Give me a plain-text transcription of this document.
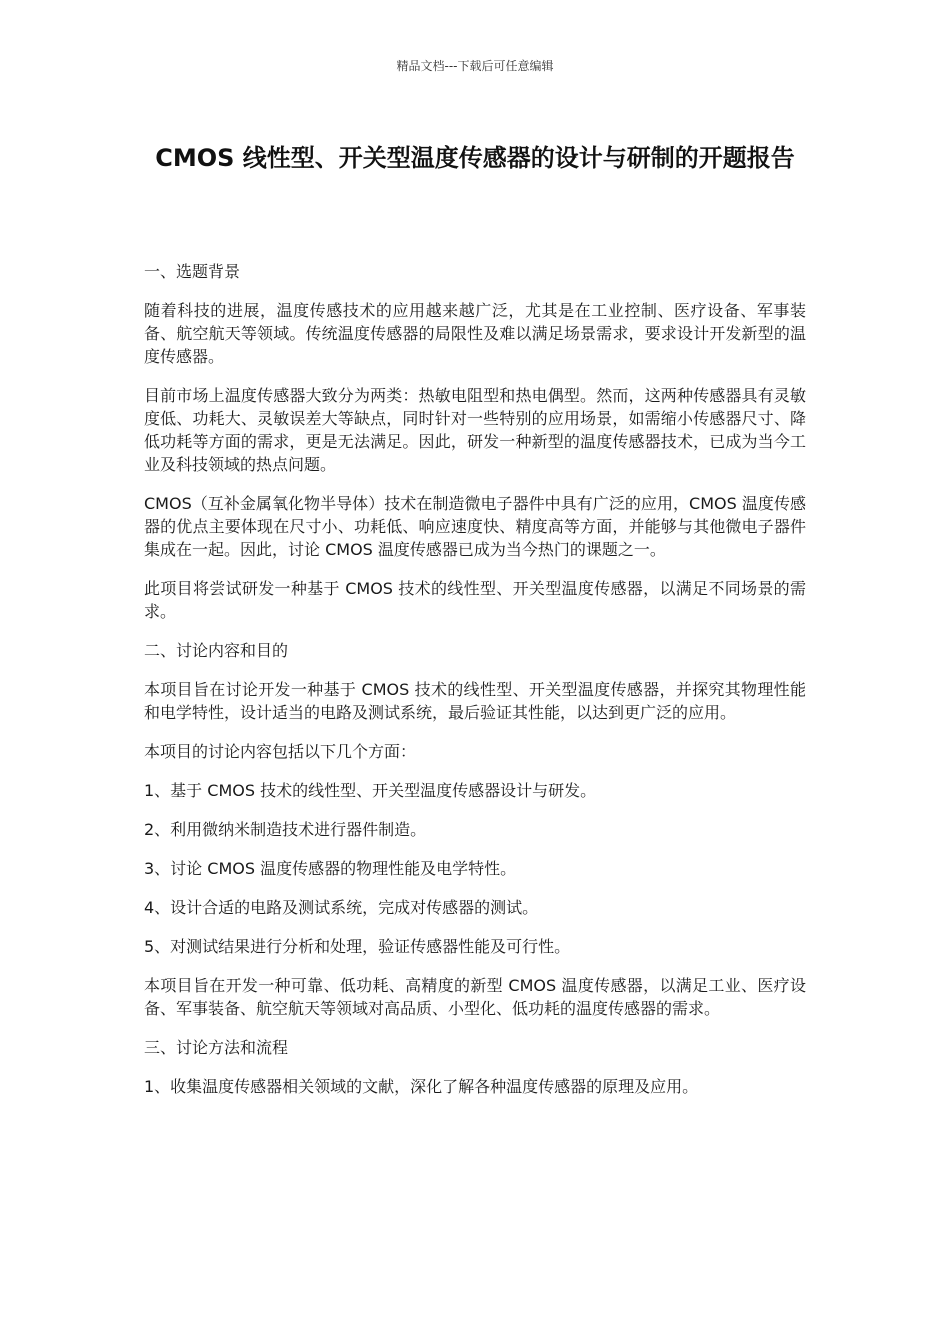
精品文档---下载后可任意编辑
CMOS 线性型、开关型温度传感器的设计与研制的开题报告

一、选题背景

随着科技的进展，温度传感技术的应用越来越广泛，尤其是在工业控制、医疗设备、军事装备、航空航天等领域。传统温度传感器的局限性及难以满足场景需求，要求设计开发新型的温度传感器。

目前市场上温度传感器大致分为两类：热敏电阻型和热电偶型。然而，这两种传感器具有灵敏度低、功耗大、灵敏误差大等缺点，同时针对一些特别的应用场景，如需缩小传感器尺寸、降低功耗等方面的需求，更是无法满足。因此，研发一种新型的温度传感器技术，已成为当今工业及科技领域的热点问题。

CMOS（互补金属氧化物半导体）技术在制造微电子器件中具有广泛的应用，CMOS 温度传感器的优点主要体现在尺寸小、功耗低、响应速度快、精度高等方面，并能够与其他微电子器件集成在一起。因此，讨论 CMOS 温度传感器已成为当今热门的课题之一。

此项目将尝试研发一种基于 CMOS 技术的线性型、开关型温度传感器，以满足不同场景的需求。

二、讨论内容和目的

本项目旨在讨论开发一种基于 CMOS 技术的线性型、开关型温度传感器，并探究其物理性能和电学特性，设计适当的电路及测试系统，最后验证其性能，以达到更广泛的应用。

本项目的讨论内容包括以下几个方面：

1、基于 CMOS 技术的线性型、开关型温度传感器设计与研发。

2、利用微纳米制造技术进行器件制造。

3、讨论 CMOS 温度传感器的物理性能及电学特性。

4、设计合适的电路及测试系统，完成对传感器的测试。

5、对测试结果进行分析和处理，验证传感器性能及可行性。

本项目旨在开发一种可靠、低功耗、高精度的新型 CMOS 温度传感器，以满足工业、医疗设备、军事装备、航空航天等领域对高品质、小型化、低功耗的温度传感器的需求。

三、讨论方法和流程

1、收集温度传感器相关领域的文献，深化了解各种温度传感器的原理及应用。
